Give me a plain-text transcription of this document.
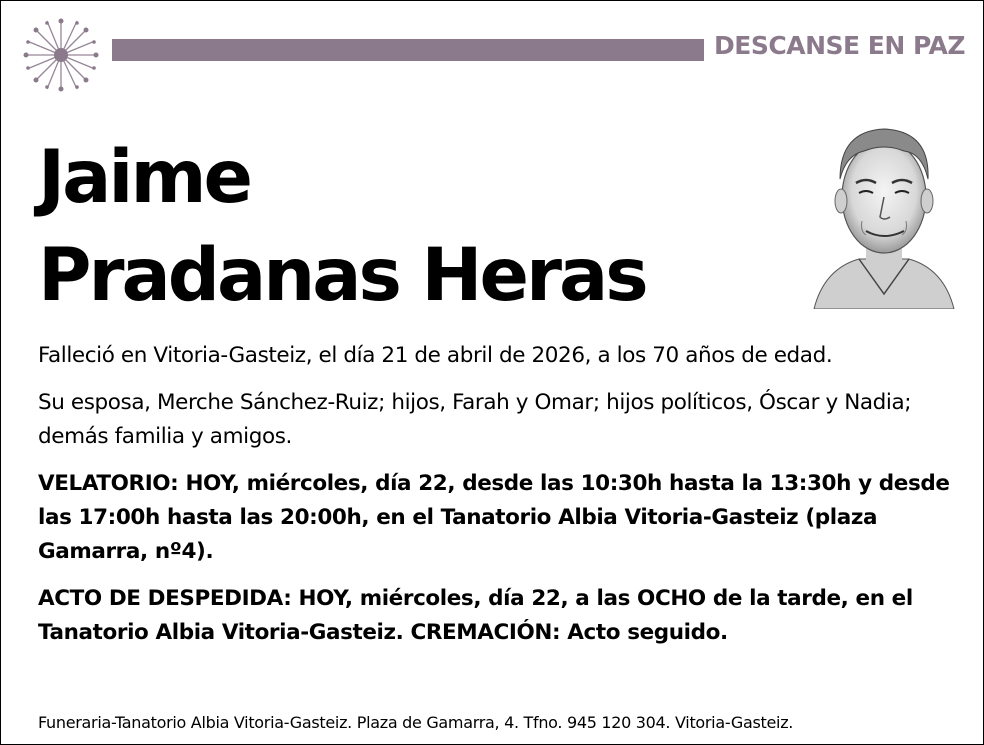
DESCANSE EN PAZ
Jaime
Pradanas Heras

Falleció en Vitoria-Gasteiz, el día 21 de abril de 2026, a los 70 años de edad.

Su esposa, Merche Sánchez-Ruiz; hijos, Farah y Omar; hijos políticos, Óscar y Nadia; demás familia y amigos.

VELATORIO: HOY, miércoles, día 22, desde las 10:30h hasta la 13:30h y desde las 17:00h hasta las 20:00h, en el Tanatorio Albia Vitoria-Gasteiz (plaza Gamarra, nº4).

ACTO DE DESPEDIDA: HOY, miércoles, día 22, a las OCHO de la tarde, en el Tanatorio Albia Vitoria-Gasteiz. CREMACIÓN: Acto seguido.

Funeraria-Tanatorio Albia Vitoria-Gasteiz. Plaza de Gamarra, 4. Tfno. 945 120 304. Vitoria-Gasteiz.
